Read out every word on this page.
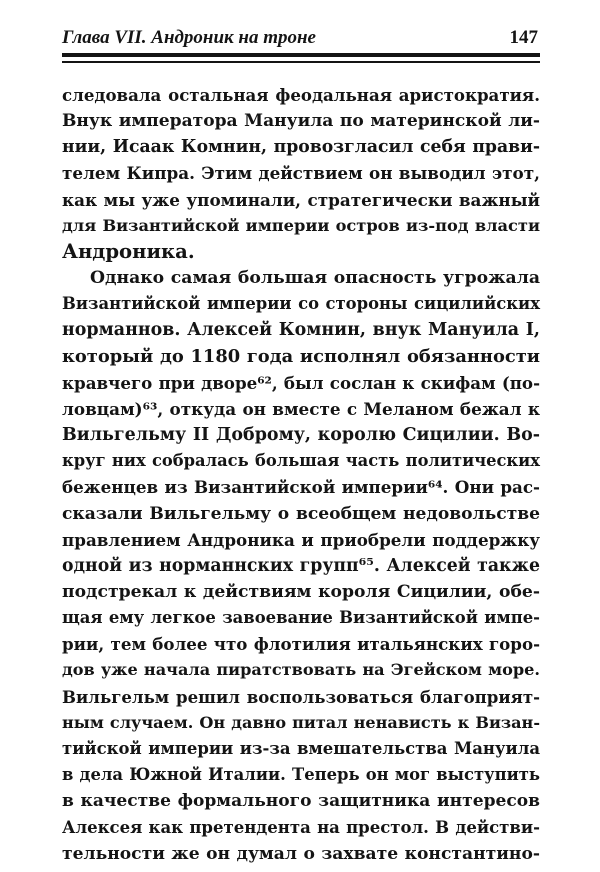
Глава VII. Андроник на троне	147
следовала остальная феодальная аристократия.
Внук императора Мануила по материнской ли-
нии, Исаак Комнин, провозгласил себя прави-
телем Кипра. Этим действием он выводил этот,
как мы уже упоминали, стратегически важный
для Византийской империи остров из-под власти
Андроника.
Однако самая большая опасность угрожала
Византийской империи со стороны сицилийских
норманнов. Алексей Комнин, внук Мануила I,
который до 1180 года исполнял обязанности
кравчего при дворе⁶², был сослан к скифам (по-
ловцам)⁶³, откуда он вместе с Меланом бежал к
Вильгельму II Доброму, королю Сицилии. Во-
круг них собралась большая часть политических
беженцев из Византийской империи⁶⁴. Они рас-
сказали Вильгельму о всеобщем недовольстве
правлением Андроника и приобрели поддержку
одной из норманнских групп⁶⁵. Алексей также
подстрекал к действиям короля Сицилии, обе-
щая ему легкое завоевание Византийской импе-
рии, тем более что флотилия итальянских горо-
дов уже начала пиратствовать на Эгейском море.
Вильгельм решил воспользоваться благоприят-
ным случаем. Он давно питал ненависть к Визан-
тийской империи из-за вмешательства Мануила
в дела Южной Италии. Теперь он мог выступить
в качестве формального защитника интересов
Алексея как претендента на престол. В действи-
тельности же он думал о захвате константино-
